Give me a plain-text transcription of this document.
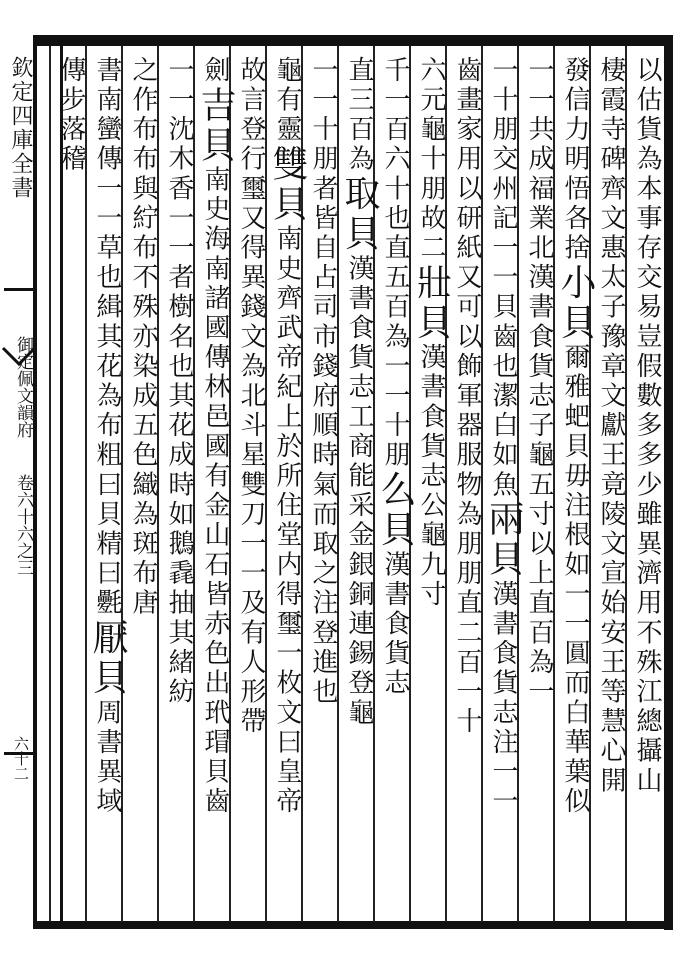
欽定四庫全書
御定佩文韻府
卷六十六之三
六十二	以估貨為本事存交易豈假數多多少雖異濟用不殊江總攝山
棲霞寺碑齊文惠太子豫章文獻王竟陵文宣始安王等慧心開
發信力明悟各捨小貝爾雅蚆貝毋注根如一一圓而白華葉似
一一共成福業北漢書食貨志子龜五寸以上直百為一
一十朋交州記一一貝齒也潔白如魚兩貝漢書食貨志注一一
齒畫家用以研紙又可以飾軍器服物為朋朋直二百一十
六元龜十朋故二壯貝漢書食貨志公龜九寸
千一百六十也直五百為一一十朋么貝漢書食貨志
直三百為取貝漢書食貨志工商能采金銀銅連錫登龜
一一十朋者皆自占司市錢府順時氣而取之注登進也
龜有靈雙貝南史齊武帝紀上於所住堂内得璽一枚文曰皇帝
故言登行璽又得異錢文為北斗星雙刀一一及有人形帶
劍吉貝南史海南諸國傳林邑國有金山石皆赤色出玳瑁貝齒
一一沈木香一一者樹名也其花成時如鵝毳抽其緒紡
之作布布與紵布不殊亦染成五色織為斑布唐
書南蠻傳一一草也緝其花為布粗曰貝精曰氎厭貝周書異域
傳步落稽
